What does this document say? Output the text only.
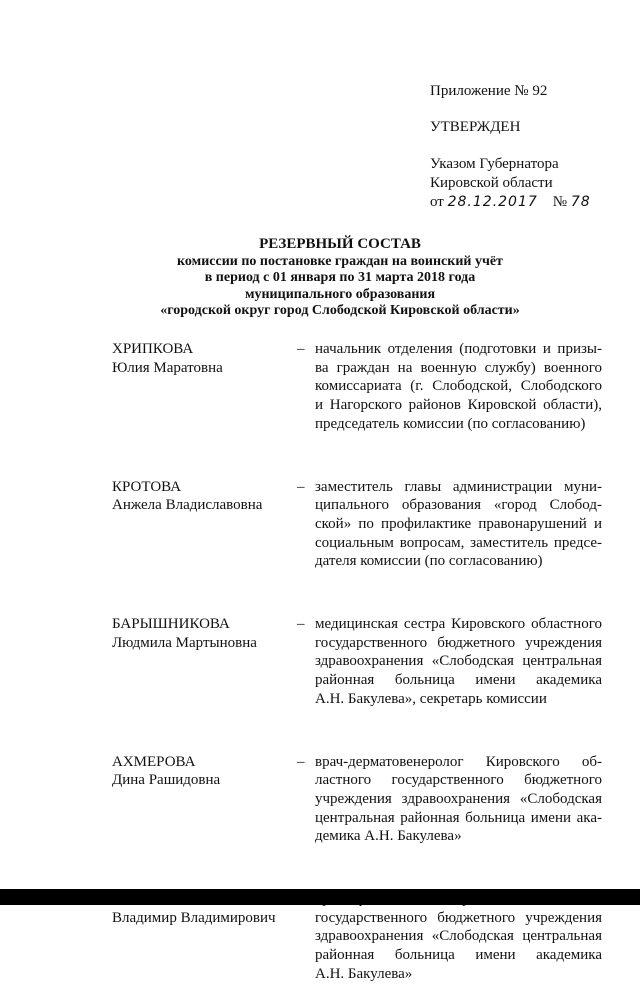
Приложение № 92
УТВЕРЖДЕН
Указом Губернатора
Кировской области
от 28.12.2017 № 78
РЕЗЕРВНЫЙ СОСТАВ
комиссии по постановке граждан на воинский учёт
в период с 01 января по 31 марта 2018 года
муниципального образования
«городской округ город Слободской Кировской области»
ХРИПКОВА
Юлия Маратовна
– начальник отделения (подготовки и призы-
ва граждан на военную службу) военного
комиссариата (г. Слободской, Слободского
и Нагорского районов Кировской области),
председатель комиссии (по согласованию)
КРОТОВА
Анжела Владиславовна
– заместитель главы администрации муни-
ципального образования «город Слобод-
ской» по профилактике правонарушений и
социальным вопросам, заместитель предсе-
дателя комиссии (по согласованию)
БАРЫШНИКОВА
Людмила Мартыновна
– медицинская сестра Кировского областного
государственного бюджетного учреждения
здравоохранения «Слободская центральная
районная больница имени академика
А.Н. Бакулева», секретарь комиссии
АХМЕРОВА
Дина Рашидовна
– врач-дерматовенеролог Кировского об-
ластного государственного бюджетного
учреждения здравоохранения «Слободская
центральная районная больница имени ака-
демика А.Н. Бакулева»
Владимир Владимирович	государственного бюджетного учреждения
здравоохранения «Слободская центральная
районная больница имени академика
А.Н. Бакулева»
